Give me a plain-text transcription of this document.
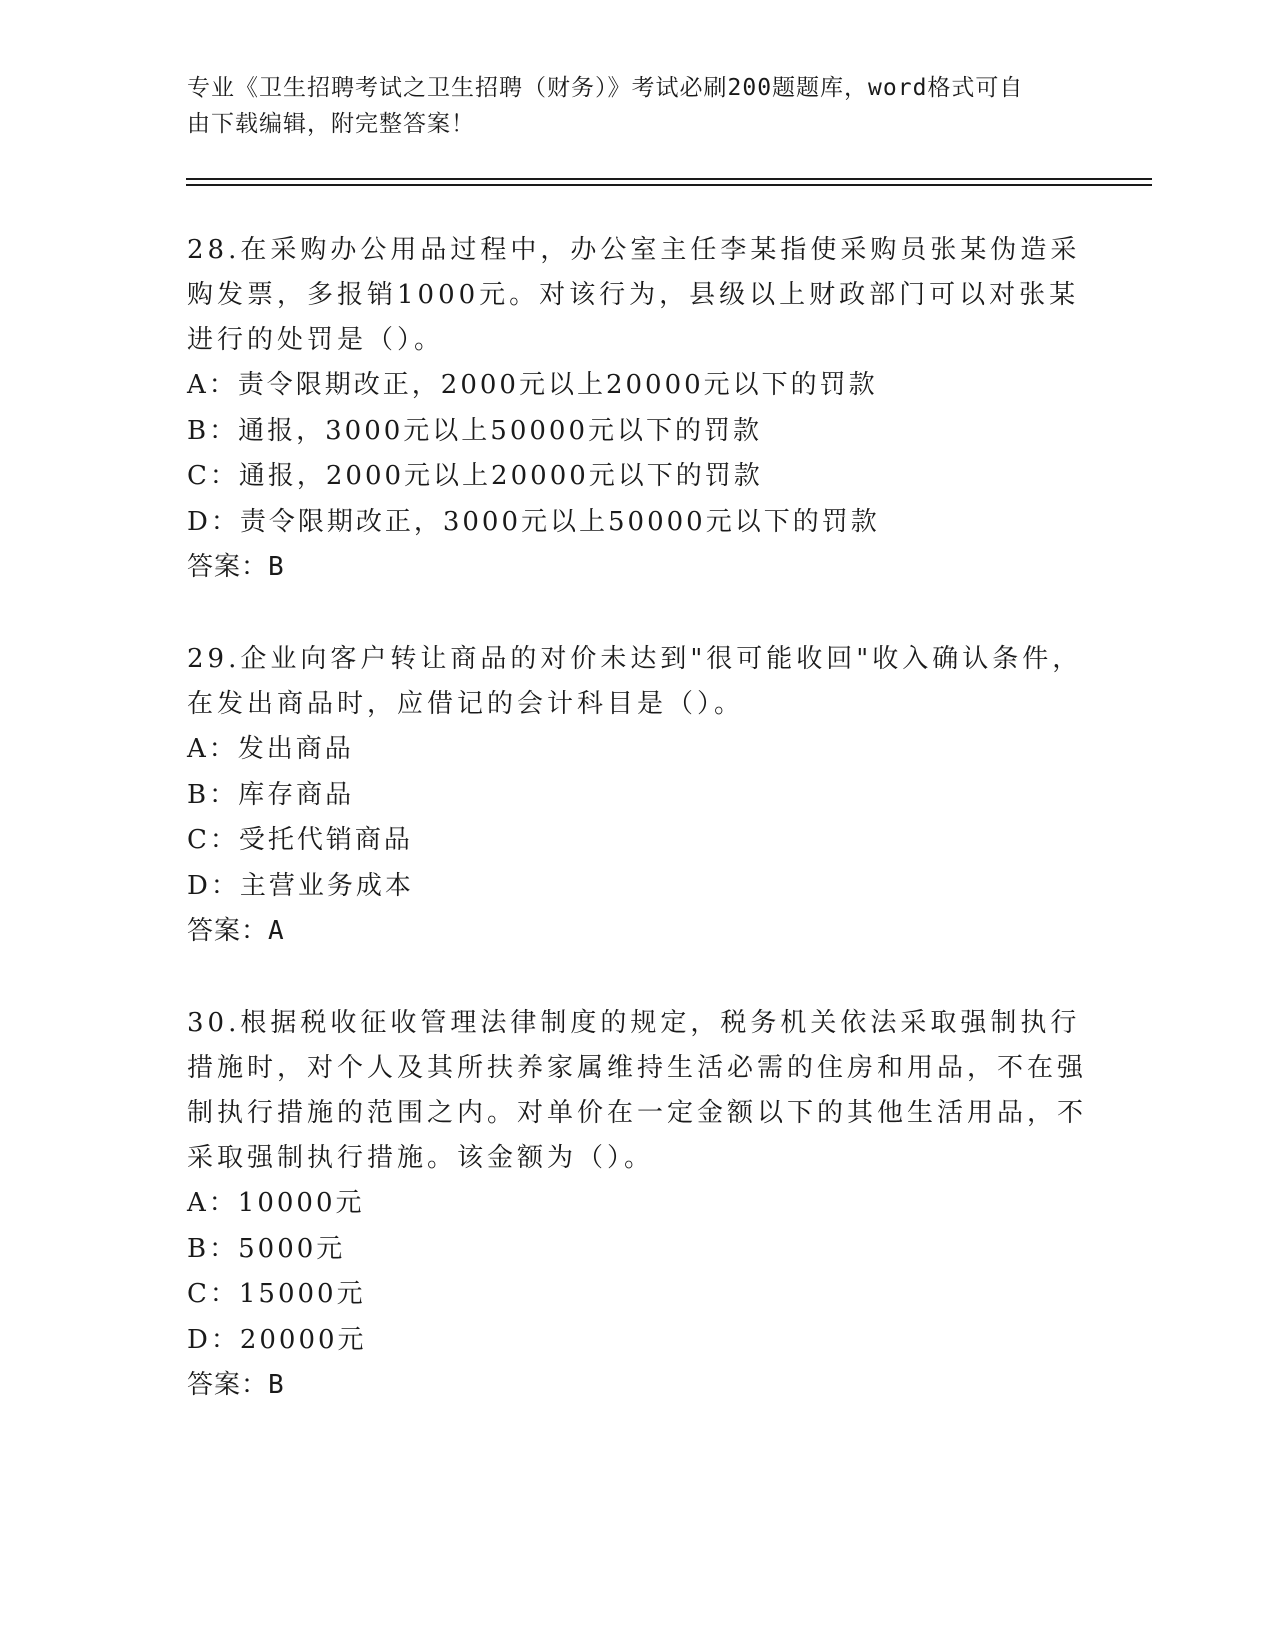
专业《卫生招聘考试之卫生招聘（财务）》考试必刷200题题库，word格式可自
由下载编辑，附完整答案！

28.在采购办公用品过程中，办公室主任李某指使采购员张某伪造采购发票，多报销1000元。对该行为，县级以上财政部门可以对张某进行的处罚是（）。

A：责令限期改正，2000元以上20000元以下的罚款

B：通报，3000元以上50000元以下的罚款

C：通报，2000元以上20000元以下的罚款

D：责令限期改正，3000元以上50000元以下的罚款

答案：B

29.企业向客户转让商品的对价未达到"很可能收回"收入确认条件，在发出商品时，应借记的会计科目是（）。

A：发出商品

B：库存商品

C：受托代销商品

D：主营业务成本

答案：A

30.根据税收征收管理法律制度的规定，税务机关依法采取强制执行措施时，对个人及其所扶养家属维持生活必需的住房和用品，不在强制执行措施的范围之内。对单价在一定金额以下的其他生活用品，不采取强制执行措施。该金额为（）。

A：10000元

B：5000元

C：15000元

D：20000元

答案：B
